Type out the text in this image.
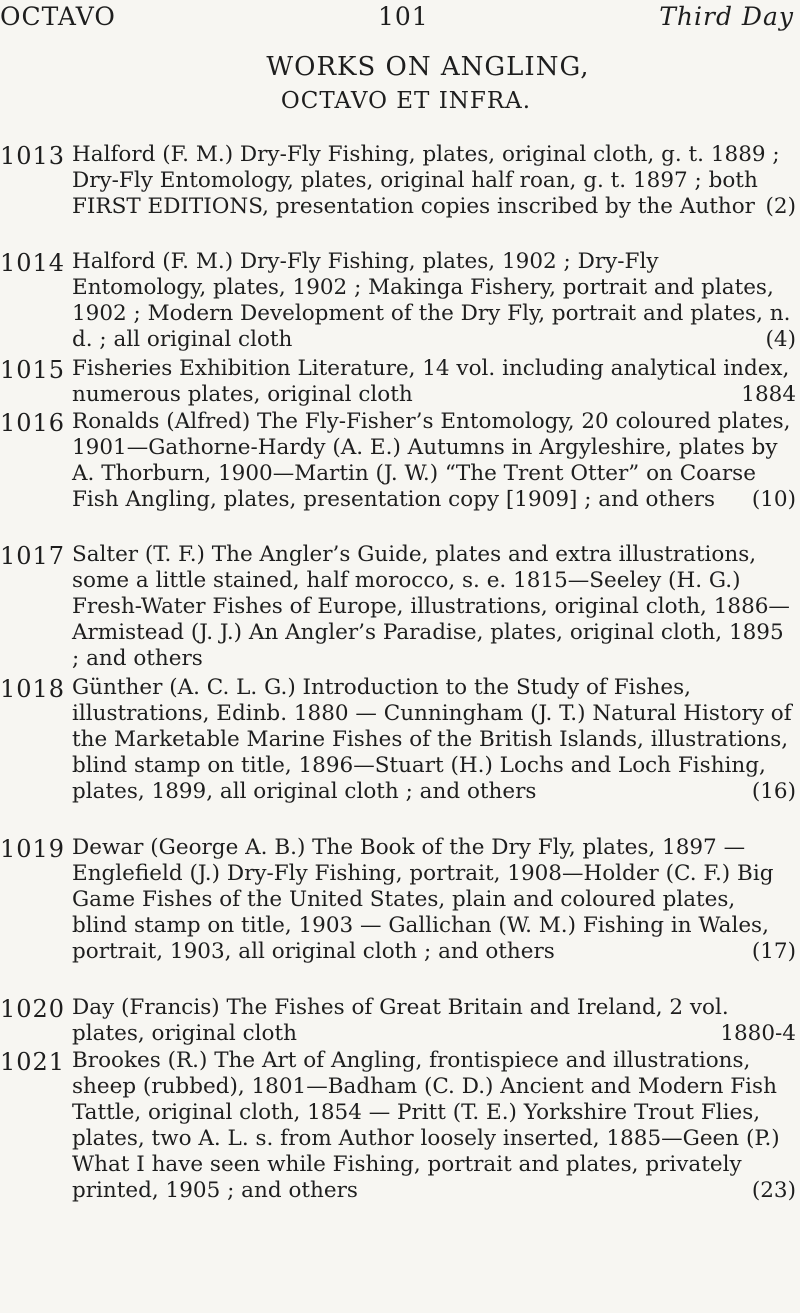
OCTAVO	101	Third Day
WORKS ON ANGLING,
OCTAVO ET INFRA.
1013 Halford (F. M.) Dry-Fly Fishing, plates, original cloth, g. t. 1889 ; Dry-Fly Entomology, plates, original half roan, g. t. 1897 ; both FIRST EDITIONS, presentation copies inscribed by the Author (2)
1014 Halford (F. M.) Dry-Fly Fishing, plates, 1902 ; Dry-Fly Entomology, plates, 1902 ; Makinga Fishery, portrait and plates, 1902 ; Modern Development of the Dry Fly, portrait and plates, n. d. ; all original cloth	(4)
1015 Fisheries Exhibition Literature, 14 vol. including analytical index, numerous plates, original cloth	1884
1016 Ronalds (Alfred) The Fly-Fisher’s Entomology, 20 coloured plates, 1901—Gathorne-Hardy (A. E.) Autumns in Argyleshire, plates by A. Thorburn, 1900—Martin (J. W.) “The Trent Otter” on Coarse Fish Angling, plates, presentation copy [1909] ; and others (10)
1017 Salter (T. F.) The Angler’s Guide, plates and extra illustrations, some a little stained, half morocco, s. e. 1815—Seeley (H. G.) Fresh-Water Fishes of Europe, illustrations, original cloth, 1886—Armistead (J. J.) An Angler’s Paradise, plates, original cloth, 1895 ; and others
1018 Günther (A. C. L. G.) Introduction to the Study of Fishes, illustrations, Edinb. 1880 — Cunningham (J. T.) Natural History of the Marketable Marine Fishes of the British Islands, illustrations, blind stamp on title, 1896—Stuart (H.) Lochs and Loch Fishing, plates, 1899, all original cloth ; and others	(16)
1019 Dewar (George A. B.) The Book of the Dry Fly, plates, 1897 —Englefield (J.) Dry-Fly Fishing, portrait, 1908—Holder (C. F.) Big Game Fishes of the United States, plain and coloured plates, blind stamp on title, 1903 — Gallichan (W. M.) Fishing in Wales, portrait, 1903, all original cloth ; and others	(17)
1020 Day (Francis) The Fishes of Great Britain and Ireland, 2 vol. plates, original cloth	1880-4
1021 Brookes (R.) The Art of Angling, frontispiece and illustrations, sheep (rubbed), 1801—Badham (C. D.) Ancient and Modern Fish Tattle, original cloth, 1854 — Pritt (T. E.) Yorkshire Trout Flies, plates, two A. L. s. from Author loosely inserted, 1885—Geen (P.) What I have seen while Fishing, portrait and plates, privately printed, 1905 ; and others	(23)
